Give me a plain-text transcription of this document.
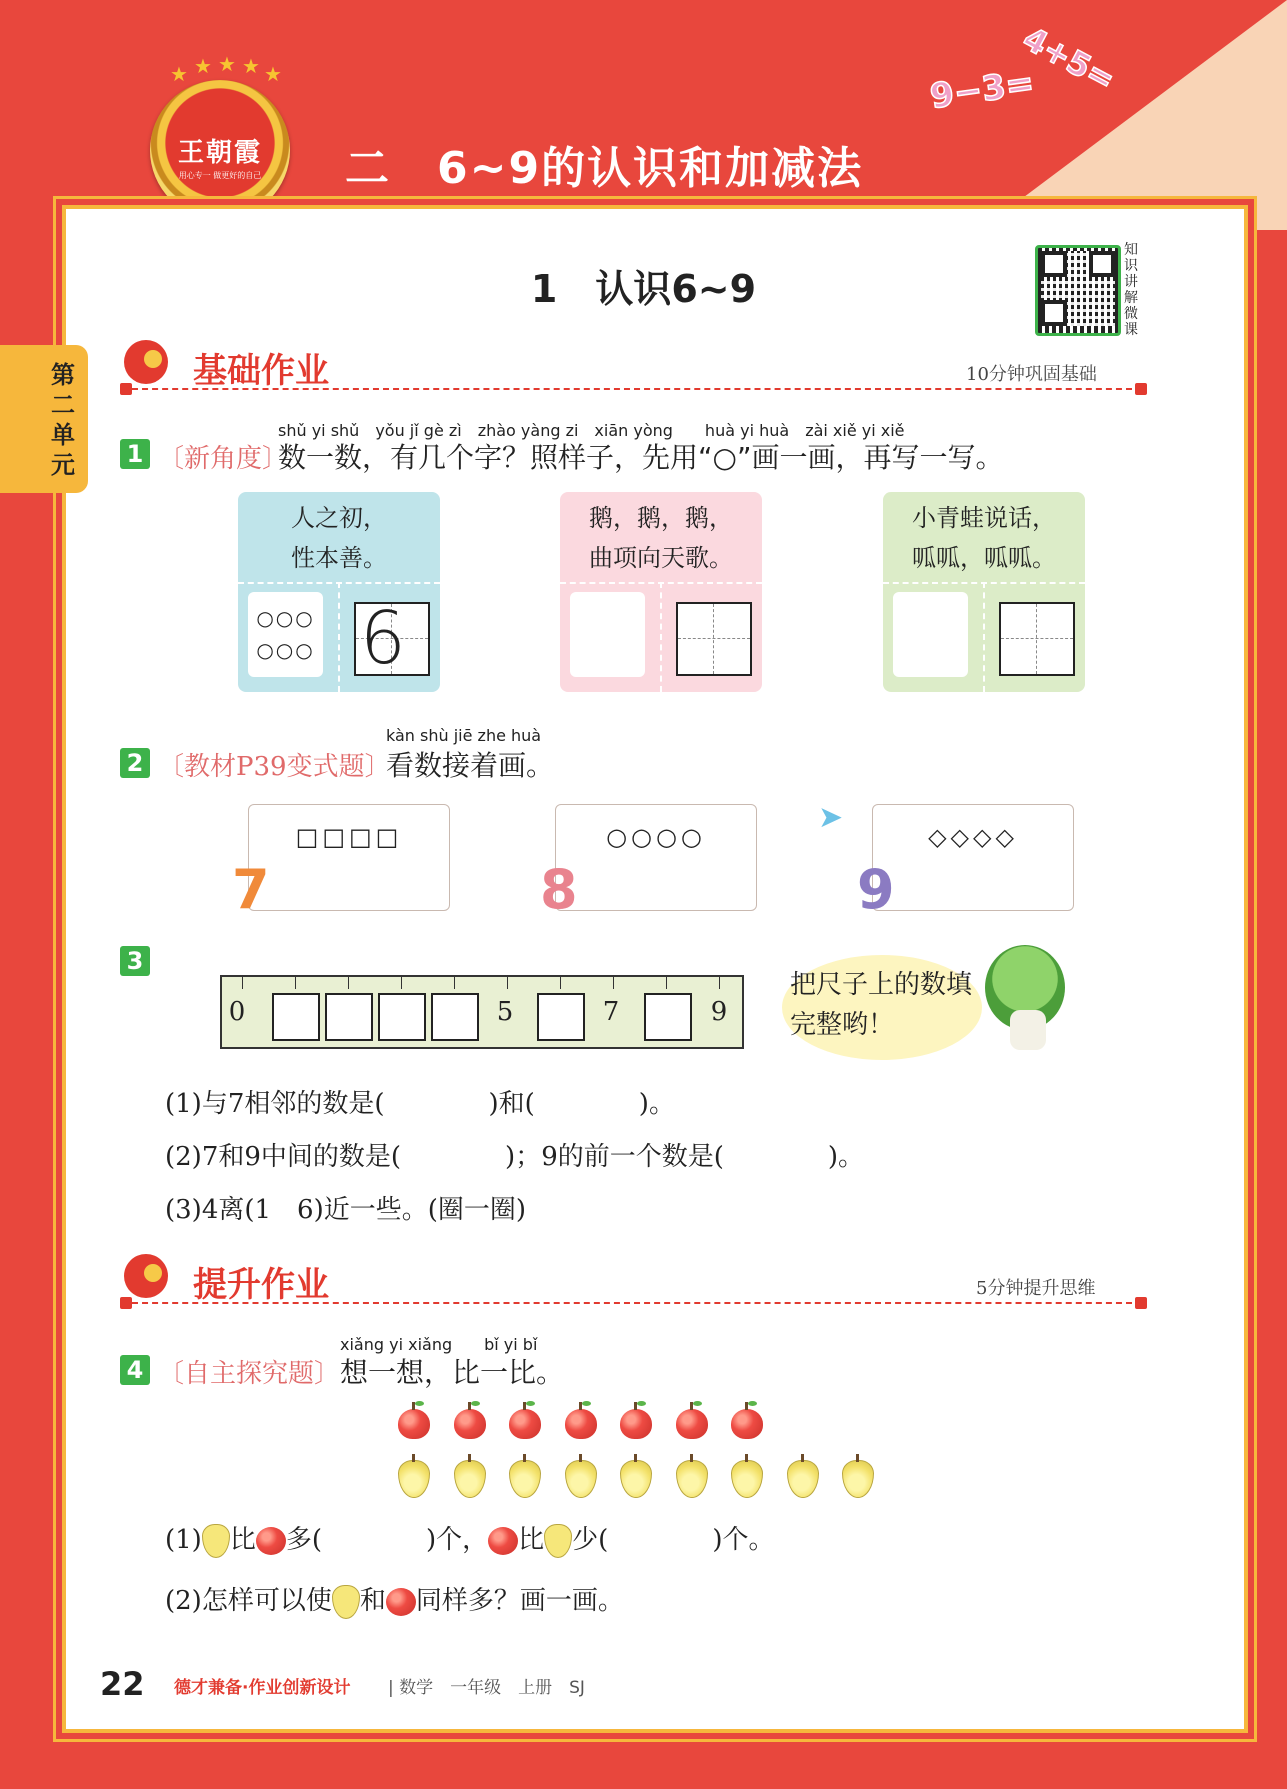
9−3=
4+5=
★ ★ ★ ★ ★
王朝霞
用心专一 做更好的自己	二　6~9的认识和加减法
第二单元
1　认识6~9
知识讲解微课
基础作业	10分钟巩固基础
shǔ yi shǔ　yǒu jǐ gè zì　zhào yàng zi　xiān yòng　　huà yi huà　zài xiě yi xiě
1 〔新角度〕
数一数，有几个字？照样子，先用“○”画一画，再写一写。
人之初，
性本善。
○○○
○○○ 6
鹅，鹅，鹅，
曲项向天歌。
小青蛙说话，
呱呱，呱呱。
kàn shù jiē zhe huà
2 〔教材P39变式题〕
看数接着画。
□□□□
7
○○○○
8
◇◇◇◇
9
➤
3
0	5	7	9
把尺子上的数填完整哟！
(1)与7相邻的数是(　　　　)和(　　　　)。
(2)7和9中间的数是(　　　　)；9的前一个数是(　　　　)。
(3)4离(1　6)近一些。(圈一圈)
提升作业	5分钟提升思维
xiǎng yi xiǎng　　bǐ yi bǐ
4 〔自主探究题〕 想一想，比一比。
(1) 比 多(　　　　)个， 比 少(　　　　)个。
(2)怎样可以使 和 同样多？画一画。
22 德才兼备·作业创新设计 | 数学　一年级　上册　SJ
